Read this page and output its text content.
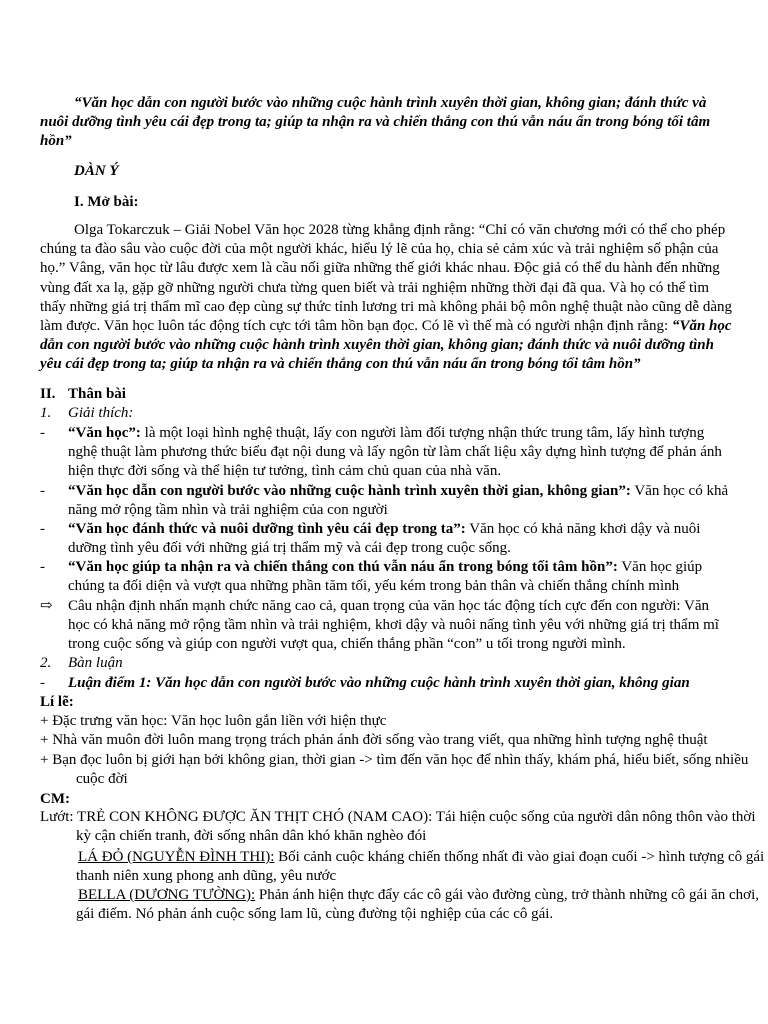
“Văn học dẫn con người bước vào những cuộc hành trình xuyên thời gian, không gian; đánh thức và nuôi dưỡng tình yêu cái đẹp trong ta; giúp ta nhận ra và chiến thắng con thú vẫn náu ẩn trong bóng tối tâm hồn”

DÀN Ý

I. Mở bài:

Olga Tokarczuk – Giải Nobel Văn học 2028 từng khẳng định rằng: “Chỉ có văn chương mới có thể cho phép chúng ta đào sâu vào cuộc đời của một người khác, hiểu lý lẽ của họ, chia sẻ cảm xúc và trải nghiệm số phận của họ.” Vâng, văn học từ lâu được xem là cầu nối giữa những thế giới khác nhau. Độc giả có thể du hành đến những vùng đất xa lạ, gặp gỡ những người chưa từng quen biết và trải nghiệm những thời đại đã qua. Và họ có thể tìm thấy những giá trị thẩm mĩ cao đẹp cùng sự thức tỉnh lương tri mà không phải bộ môn nghệ thuật nào cũng dễ dàng làm được. Văn học luôn tác động tích cực tới tâm hồn bạn đọc. Có lẽ vì thế mà có người nhận định rằng: “Văn học dẫn con người bước vào những cuộc hành trình xuyên thời gian, không gian; đánh thức và nuôi dưỡng tình yêu cái đẹp trong ta; giúp ta nhận ra và chiến thắng con thú vẫn náu ẩn trong bóng tối tâm hồn”

II. Thân bài
1. Giải thích:
- “Văn học”: là một loại hình nghệ thuật, lấy con người làm đối tượng nhận thức trung tâm, lấy hình tượng nghệ thuật làm phương thức biểu đạt nội dung và lấy ngôn từ làm chất liệu xây dựng hình tượng để phản ánh hiện thực đời sống và thể hiện tư tưởng, tình cảm chủ quan của nhà văn.
- “Văn học dẫn con người bước vào những cuộc hành trình xuyên thời gian, không gian”: Văn học có khả năng mở rộng tầm nhìn và trải nghiệm của con người
- “Văn học đánh thức và nuôi dưỡng tình yêu cái đẹp trong ta”: Văn học có khả năng khơi dậy và nuôi dưỡng tình yêu đối với những giá trị thẩm mỹ và cái đẹp trong cuộc sống.
- “Văn học giúp ta nhận ra và chiến thắng con thú vẫn náu ẩn trong bóng tối tâm hồn”: Văn học giúp chúng ta đối diện và vượt qua những phần tăm tối, yếu kém trong bản thân và chiến thắng chính mình
⇨ Câu nhận định nhấn mạnh chức năng cao cả, quan trọng của văn học tác động tích cực đến con người: Văn học có khả năng mở rộng tầm nhìn và trải nghiệm, khơi dậy và nuôi nấng tình yêu với những giá trị thẩm mĩ trong cuộc sống và giúp con người vượt qua, chiến thắng phần “con” u tối trong người mình.
2. Bàn luận
- Luận điểm 1: Văn học dẫn con người bước vào những cuộc hành trình xuyên thời gian, không gian

Lí lẽ:

+ Đặc trưng văn học: Văn học luôn gắn liền với hiện thực

+ Nhà văn muôn đời luôn mang trọng trách phản ánh đời sống vào trang viết, qua những hình tượng nghệ thuật

+ Bạn đọc luôn bị giới hạn bởi không gian, thời gian -> tìm đến văn học để nhìn thấy, khám phá, hiểu biết, sống nhiều cuộc đời

CM:

Lướt: TRẺ CON KHÔNG ĐƯỢC ĂN THỊT CHÓ (NAM CAO): Tái hiện cuộc sống của người dân nông thôn vào thời kỳ cận chiến tranh, đời sống nhân dân khó khăn nghèo đói

LÁ ĐỎ (NGUYỄN ĐÌNH THI): Bối cảnh cuộc kháng chiến thống nhất đi vào giai đoạn cuối -> hình tượng cô gái thanh niên xung phong anh dũng, yêu nước

BELLA (DƯƠNG TƯỜNG): Phản ánh hiện thực đẩy các cô gái vào đường cùng, trở thành những cô gái ăn chơi, gái điếm. Nó phản ánh cuộc sống lam lũ, cùng đường tội nghiệp của các cô gái.
